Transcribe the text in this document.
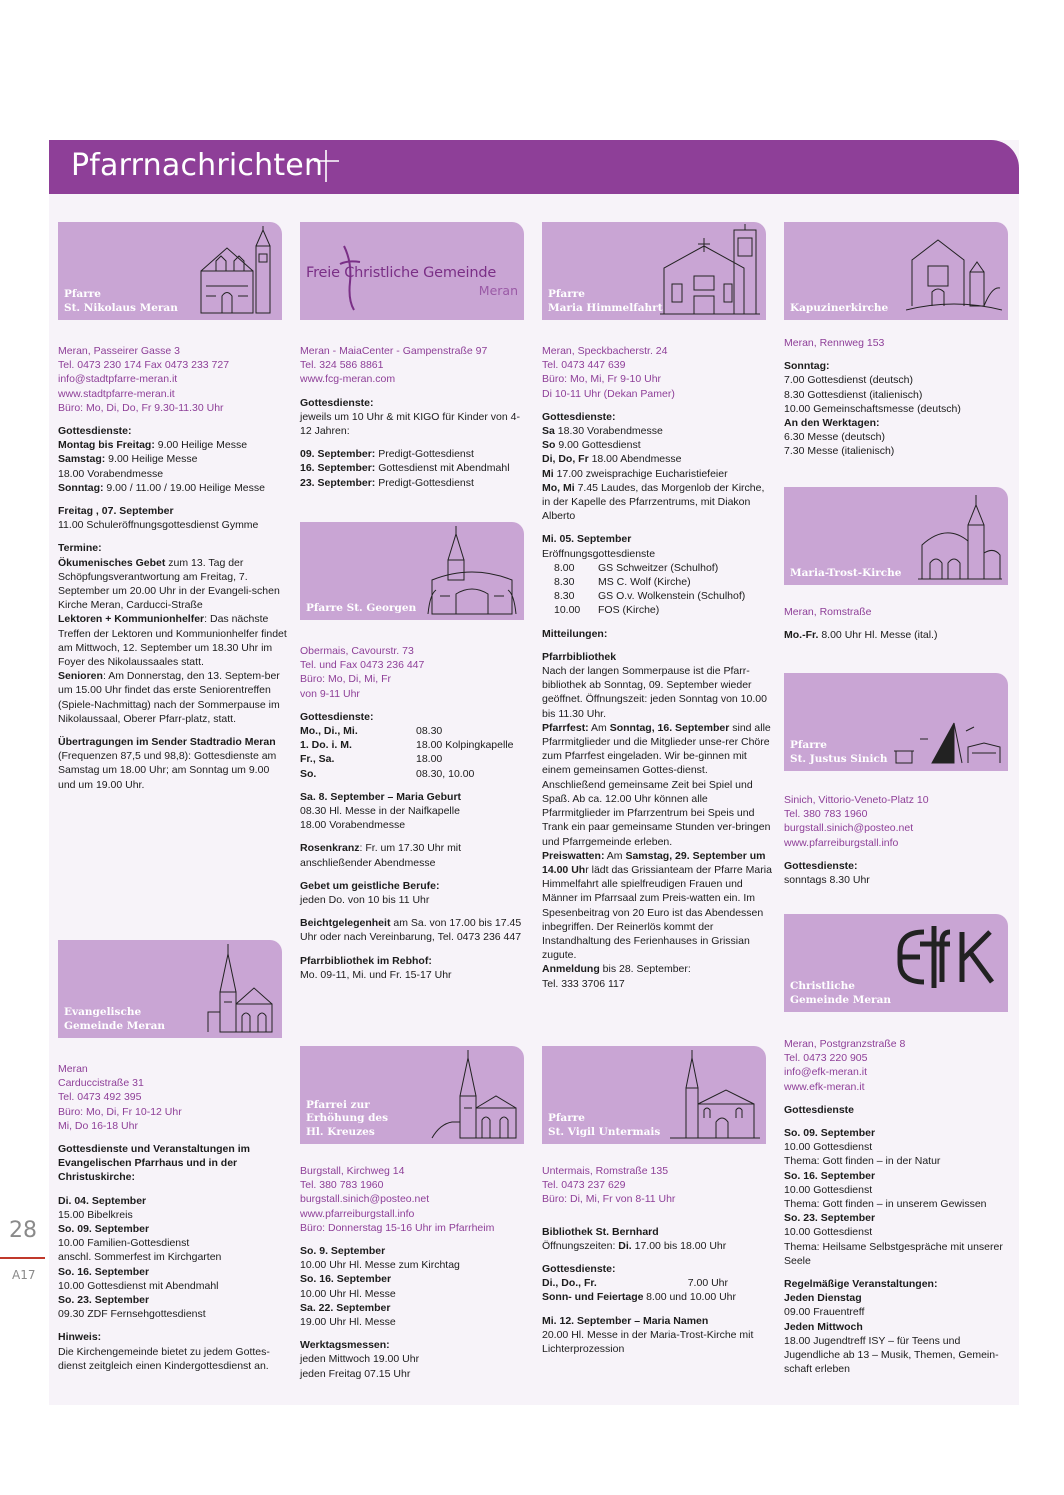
Pfarrnachrichten
Pfarre
St. Nikolaus Meran
Meran, Passeirer Gasse 3
Tel. 0473 230 174 Fax 0473 233 727
info@stadtpfarre-meran.it
www.stadtpfarre-meran.it
Büro: Mo, Di, Do, Fr 9.30-11.30 Uhr
Gottesdienste:
Montag bis Freitag: 9.00 Heilige Messe
Samstag: 9.00 Heilige Messe
18.00 Vorabendmesse
Sonntag: 9.00 / 11.00 / 19.00 Heilige Messe
Freitag , 07. September
11.00 Schuleröffnungsgottesdienst Gymme
Termine:
Ökumenisches Gebet zum 13. Tag der Schöpfungsverantwortung am Freitag, 7. September um 20.00 Uhr in der Evangeli-schen Kirche Meran, Carducci-Straße
Lektoren + Kommunionhelfer: Das nächste Treffen der Lektoren und Kommunionhelfer findet am Mittwoch, 12. September um 18.30 Uhr im Foyer des Nikolaussaales statt.
Senioren: Am Donnerstag, den 13. Septem-ber um 15.00 Uhr findet das erste Seniorentreffen (Spiele-Nachmittag) nach der Sommerpause im Nikolaussaal, Oberer Pfarr-platz, statt.
Übertragungen im Sender Stadtradio Meran (Frequenzen 87,5 und 98,8): Gottesdienste am Samstag um 18.00 Uhr; am Sonntag um 9.00 und um 19.00 Uhr.
Evangelische
Gemeinde Meran
Meran
Carduccistraße 31
Tel. 0473 492 395
Büro: Mo, Di, Fr 10-12 Uhr
Mi, Do 16-18 Uhr
Gottesdienste und Veranstaltungen im Evangelischen Pfarrhaus und in der Christuskirche:
Di. 04. September
15.00 Bibelkreis
So. 09. September
10.00 Familien-Gottesdienst
anschl. Sommerfest im Kirchgarten
So. 16. September
10.00 Gottesdienst mit Abendmahl
So. 23. September
09.30 ZDF Fernsehgottesdienst
Hinweis:
Die Kirchengemeinde bietet zu jedem Gottes-dienst zeitgleich einen Kindergottesdienst an.
Freie Christliche Gemeinde
Meran
Meran - MaiaCenter - Gampenstraße 97
Tel. 324 586 8861
www.fcg-meran.com
Gottesdienste:
jeweils um 10 Uhr & mit KIGO für Kinder von 4-12 Jahren:
09. September: Predigt-Gottesdienst
16. September: Gottesdienst mit Abendmahl
23. September: Predigt-Gottesdienst
Pfarre St. Georgen
Obermais, Cavourstr. 73
Tel. und Fax 0473 236 447
Büro: Mo, Di, Mi, Fr
von 9-11 Uhr
Gottesdienste:
Mo., Di., Mi.	08.30
1. Do. i. M.	18.00 Kolpingkapelle
Fr., Sa.	18.00
So.	08.30, 10.00
Sa. 8. September – Maria Geburt
08.30 Hl. Messe in der Naifkapelle
18.00 Vorabendmesse
Rosenkranz: Fr. um 17.30 Uhr mit anschließender Abendmesse
Gebet um geistliche Berufe:
jeden Do. von 10 bis 11 Uhr
Beichtgelegenheit am Sa. von 17.00 bis 17.45 Uhr oder nach Vereinbarung, Tel. 0473 236 447
Pfarrbibliothek im Rebhof:
Mo. 09-11, Mi. und Fr. 15-17 Uhr
Pfarrei zur
Erhöhung des
Hl. Kreuzes
Burgstall, Kirchweg 14
Tel. 380 783 1960
burgstall.sinich@posteo.net
www.pfarreiburgstall.info
Büro: Donnerstag 15-16 Uhr im Pfarrheim
So. 9. September
10.00 Uhr Hl. Messe zum Kirchtag
So. 16. September
10.00 Uhr Hl. Messe
Sa. 22. September
19.00 Uhr Hl. Messe
Werktagsmessen:
jeden Mittwoch 19.00 Uhr
jeden Freitag 07.15 Uhr
Pfarre
Maria Himmelfahrt
Meran, Speckbacherstr. 24
Tel. 0473 447 639
Büro: Mo, Mi, Fr 9-10 Uhr
Di 10-11 Uhr (Dekan Pamer)
Gottesdienste:
Sa 18.30 Vorabendmesse
So 9.00 Gottesdienst
Di, Do, Fr 18.00 Abendmesse
Mi 17.00 zweisprachige Eucharistiefeier
Mo, Mi 7.45 Laudes, das Morgenlob der Kirche, in der Kapelle des Pfarrzentrums, mit Diakon Alberto
Mi. 05. September
Eröffnungsgottesdienste
8.00	GS Schweitzer (Schulhof)
8.30	MS C. Wolf (Kirche)
8.30	GS O.v. Wolkenstein (Schulhof)
10.00	FOS (Kirche)
Mitteilungen:
Pfarrbibliothek
Nach der langen Sommerpause ist die Pfarr-bibliothek ab Sonntag, 09. September wieder geöffnet. Öffnungszeit: jeden Sonntag von 10.00 bis 11.30 Uhr.
Pfarrfest: Am Sonntag, 16. September sind alle Pfarrmitglieder und die Mitglieder unse-rer Chöre zum Pfarrfest eingeladen. Wir be-ginnen mit einem gemeinsamen Gottes-dienst. Anschließend gemeinsame Zeit bei Spiel und Spaß. Ab ca. 12.00 Uhr können alle Pfarrmitglieder im Pfarrzentrum bei Speis und Trank ein paar gemeinsame Stunden ver-bringen und Pfarrgemeinde erleben.
Preiswatten: Am Samstag, 29. September um 14.00 Uhr lädt das Grissianteam der Pfarre Maria Himmelfahrt alle spielfreudigen Frauen und Männer im Pfarrsaal zum Preis-watten ein. Im Spesenbeitrag von 20 Euro ist das Abendessen inbegriffen. Der Reinerlös kommt der Instandhaltung des Ferienhauses in Grissian zugute.
Anmeldung bis 28. September:
Tel. 333 3706 117
Pfarre
St. Vigil Untermais
Untermais, Romstraße 135
Tel. 0473 237 629
Büro: Di, Mi, Fr von 8-11 Uhr
Bibliothek St. Bernhard
Öffnungszeiten: Di. 17.00 bis 18.00 Uhr
Gottesdienste:
Di., Do., Fr.	7.00 Uhr
Sonn- und Feiertage 8.00 und 10.00 Uhr
Mi. 12. September – Maria Namen
20.00 Hl. Messe in der Maria-Trost-Kirche mit Lichterprozession
Kapuzinerkirche
Meran, Rennweg 153
Sonntag:
7.00 Gottesdienst (deutsch)
8.30 Gottesdienst (italienisch)
10.00 Gemeinschaftsmesse (deutsch)
An den Werktagen:
6.30 Messe (deutsch)
7.30 Messe (italienisch)
Maria-Trost-Kirche
Meran, Romstraße
Mo.-Fr. 8.00 Uhr Hl. Messe (ital.)
Pfarre
St. Justus Sinich
Sinich, Vittorio-Veneto-Platz 10
Tel. 380 783 1960
burgstall.sinich@posteo.net
www.pfarreiburgstall.info
Gottesdienste:
sonntags 8.30 Uhr
EfK
Christliche
Gemeinde Meran
Meran, Postgranzstraße 8
Tel. 0473 220 905
info@efk-meran.it
www.efk-meran.it
Gottesdienste
So. 09. September
10.00 Gottesdienst
Thema: Gott finden – in der Natur
So. 16. September
10.00 Gottesdienst
Thema: Gott finden – in unserem Gewissen
So. 23. September
10.00 Gottesdienst
Thema: Heilsame Selbstgespräche mit unserer Seele
Regelmäßige Veranstaltungen:
Jeden Dienstag
09.00 Frauentreff
Jeden Mittwoch
18.00 Jugendtreff ISY – für Teens und Jugendliche ab 13 – Musik, Themen, Gemein-schaft erleben
28
A17
